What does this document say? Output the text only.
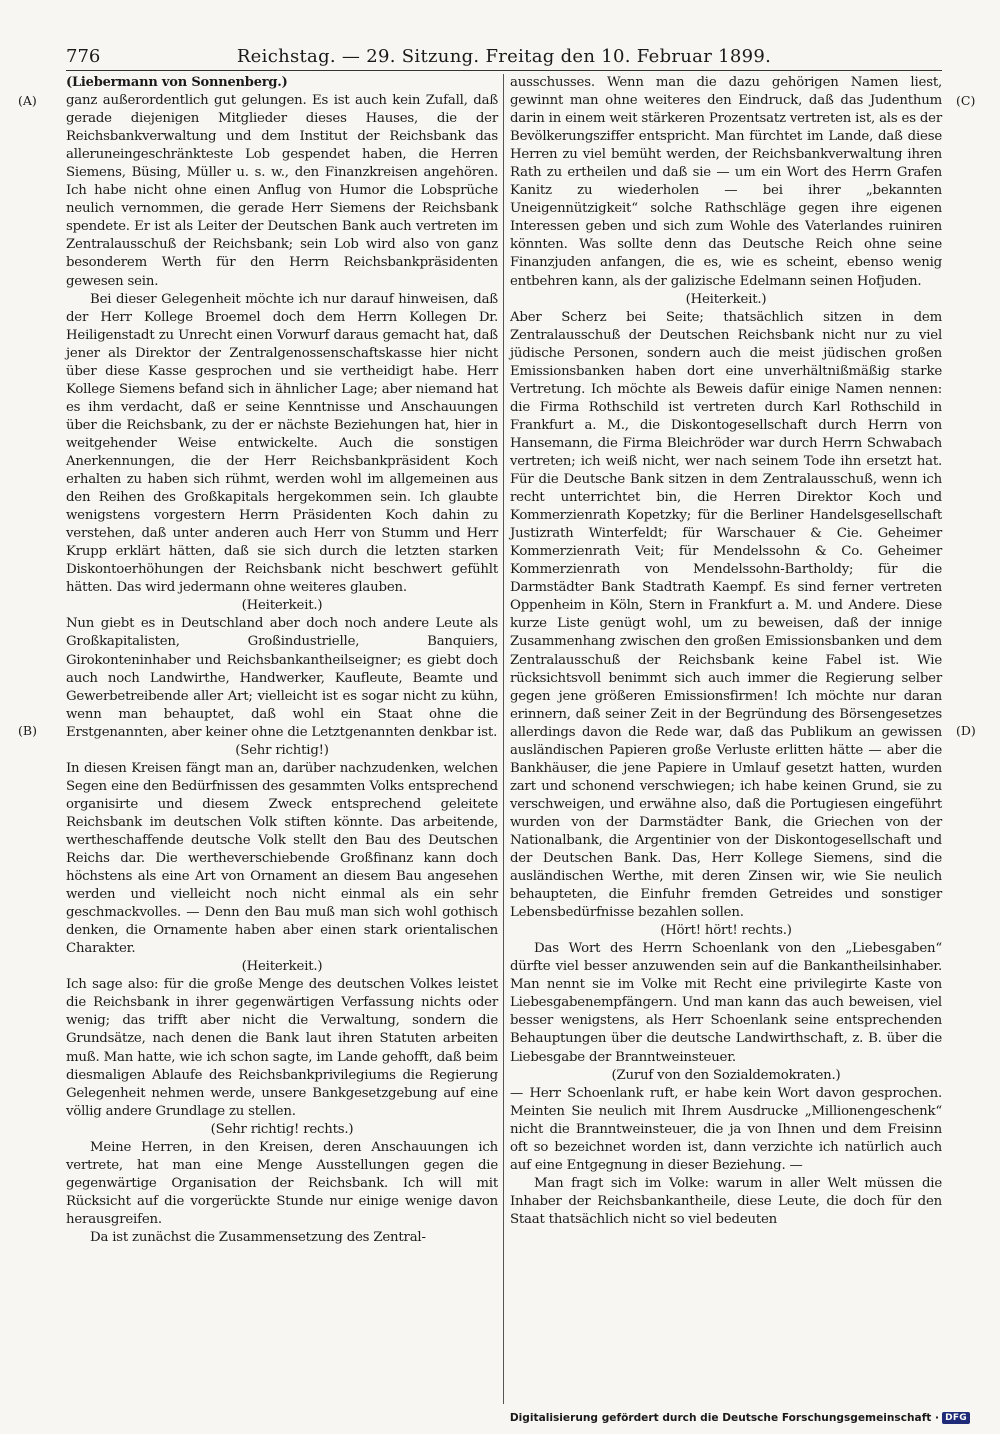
776	Reichstag. — 29. Sitzung. Freitag den 10. Februar 1899.
(A)
(B)
(C)
(D)

(Liebermann von Sonnenberg.)

ganz außerordentlich gut gelungen. Es ist auch kein Zufall, daß gerade diejenigen Mitglieder dieses Hauses, die der Reichsbankverwaltung und dem Institut der Reichsbank das alleruneingeschränkteste Lob gespendet haben, die Herren Siemens, Büsing, Müller u. s. w., den Finanzkreisen angehören. Ich habe nicht ohne einen Anflug von Humor die Lobsprüche neulich vernommen, die gerade Herr Siemens der Reichsbank spendete. Er ist als Leiter der Deutschen Bank auch vertreten im Zentralausschuß der Reichsbank; sein Lob wird also von ganz besonderem Werth für den Herrn Reichsbankpräsidenten gewesen sein.

Bei dieser Gelegenheit möchte ich nur darauf hinweisen, daß der Herr Kollege Broemel doch dem Herrn Kollegen Dr. Heiligenstadt zu Unrecht einen Vorwurf daraus gemacht hat, daß jener als Direktor der Zentralgenossenschaftskasse hier nicht über diese Kasse gesprochen und sie vertheidigt habe. Herr Kollege Siemens befand sich in ähnlicher Lage; aber niemand hat es ihm verdacht, daß er seine Kenntnisse und Anschauungen über die Reichsbank, zu der er nächste Beziehungen hat, hier in weitgehender Weise entwickelte. Auch die sonstigen Anerkennungen, die der Herr Reichsbankpräsident Koch erhalten zu haben sich rühmt, werden wohl im allgemeinen aus den Reihen des Großkapitals hergekommen sein. Ich glaubte wenigstens vorgestern Herrn Präsidenten Koch dahin zu verstehen, daß unter anderen auch Herr von Stumm und Herr Krupp erklärt hätten, daß sie sich durch die letzten starken Diskontoerhöhungen der Reichsbank nicht beschwert gefühlt hätten. Das wird jedermann ohne weiteres glauben.

(Heiterkeit.)

Nun giebt es in Deutschland aber doch noch andere Leute als Großkapitalisten, Großindustrielle, Banquiers, Girokonteninhaber und Reichsbankantheilseigner; es giebt doch auch noch Landwirthe, Handwerker, Kaufleute, Beamte und Gewerbetreibende aller Art; vielleicht ist es sogar nicht zu kühn, wenn man behauptet, daß wohl ein Staat ohne die Erstgenannten, aber keiner ohne die Letztgenannten denkbar ist.

(Sehr richtig!)

In diesen Kreisen fängt man an, darüber nachzudenken, welchen Segen eine den Bedürfnissen des gesammten Volks entsprechend organisirte und diesem Zweck entsprechend geleitete Reichsbank im deutschen Volk stiften könnte. Das arbeitende, wertheschaffende deutsche Volk stellt den Bau des Deutschen Reichs dar. Die wertheverschiebende Großfinanz kann doch höchstens als eine Art von Ornament an diesem Bau angesehen werden und vielleicht noch nicht einmal als ein sehr geschmackvolles. — Denn den Bau muß man sich wohl gothisch denken, die Ornamente haben aber einen stark orientalischen Charakter.

(Heiterkeit.)

Ich sage also: für die große Menge des deutschen Volkes leistet die Reichsbank in ihrer gegenwärtigen Verfassung nichts oder wenig; das trifft aber nicht die Verwaltung, sondern die Grundsätze, nach denen die Bank laut ihren Statuten arbeiten muß. Man hatte, wie ich schon sagte, im Lande gehofft, daß beim diesmaligen Ablaufe des Reichsbankprivilegiums die Regierung Gelegenheit nehmen werde, unsere Bankgesetzgebung auf eine völlig andere Grundlage zu stellen.

(Sehr richtig! rechts.)

Meine Herren, in den Kreisen, deren Anschauungen ich vertrete, hat man eine Menge Ausstellungen gegen die gegenwärtige Organisation der Reichsbank. Ich will mit Rücksicht auf die vorgerückte Stunde nur einige wenige davon herausgreifen.

Da ist zunächst die Zusammensetzung des Zentral-

ausschusses. Wenn man die dazu gehörigen Namen liest, gewinnt man ohne weiteres den Eindruck, daß das Judenthum darin in einem weit stärkeren Prozentsatz vertreten ist, als es der Bevölkerungsziffer entspricht. Man fürchtet im Lande, daß diese Herren zu viel bemüht werden, der Reichsbankverwaltung ihren Rath zu ertheilen und daß sie — um ein Wort des Herrn Grafen Kanitz zu wiederholen — bei ihrer „bekannten Uneigennützigkeit“ solche Rathschläge gegen ihre eigenen Interessen geben und sich zum Wohle des Vaterlandes ruiniren könnten. Was sollte denn das Deutsche Reich ohne seine Finanzjuden anfangen, die es, wie es scheint, ebenso wenig entbehren kann, als der galizische Edelmann seinen Hofjuden.

(Heiterkeit.)

Aber Scherz bei Seite; thatsächlich sitzen in dem Zentralausschuß der Deutschen Reichsbank nicht nur zu viel jüdische Personen, sondern auch die meist jüdischen großen Emissionsbanken haben dort eine unverhältnißmäßig starke Vertretung. Ich möchte als Beweis dafür einige Namen nennen: die Firma Rothschild ist vertreten durch Karl Rothschild in Frankfurt a. M., die Diskontogesellschaft durch Herrn von Hansemann, die Firma Bleichröder war durch Herrn Schwabach vertreten; ich weiß nicht, wer nach seinem Tode ihn ersetzt hat. Für die Deutsche Bank sitzen in dem Zentralausschuß, wenn ich recht unterrichtet bin, die Herren Direktor Koch und Kommerzienrath Kopetzky; für die Berliner Handelsgesellschaft Justizrath Winterfeldt; für Warschauer & Cie. Geheimer Kommerzienrath Veit; für Mendelssohn & Co. Geheimer Kommerzienrath von Mendelssohn-Bartholdy; für die Darmstädter Bank Stadtrath Kaempf. Es sind ferner vertreten Oppenheim in Köln, Stern in Frankfurt a. M. und Andere. Diese kurze Liste genügt wohl, um zu beweisen, daß der innige Zusammenhang zwischen den großen Emissionsbanken und dem Zentralausschuß der Reichsbank keine Fabel ist. Wie rücksichtsvoll benimmt sich auch immer die Regierung selber gegen jene größeren Emissionsfirmen! Ich möchte nur daran erinnern, daß seiner Zeit in der Begründung des Börsengesetzes allerdings davon die Rede war, daß das Publikum an gewissen ausländischen Papieren große Verluste erlitten hätte — aber die Bankhäuser, die jene Papiere in Umlauf gesetzt hatten, wurden zart und schonend verschwiegen; ich habe keinen Grund, sie zu verschweigen, und erwähne also, daß die Portugiesen eingeführt wurden von der Darmstädter Bank, die Griechen von der Nationalbank, die Argentinier von der Diskontogesellschaft und der Deutschen Bank. Das, Herr Kollege Siemens, sind die ausländischen Werthe, mit deren Zinsen wir, wie Sie neulich behaupteten, die Einfuhr fremden Getreides und sonstiger Lebensbedürfnisse bezahlen sollen.

(Hört! hört! rechts.)

Das Wort des Herrn Schoenlank von den „Liebesgaben“ dürfte viel besser anzuwenden sein auf die Bankantheilsinhaber. Man nennt sie im Volke mit Recht eine privilegirte Kaste von Liebesgabenempfängern. Und man kann das auch beweisen, viel besser wenigstens, als Herr Schoenlank seine entsprechenden Behauptungen über die deutsche Landwirthschaft, z. B. über die Liebesgabe der Branntweinsteuer.

(Zuruf von den Sozialdemokraten.)

— Herr Schoenlank ruft, er habe kein Wort davon gesprochen. Meinten Sie neulich mit Ihrem Ausdrucke „Millionengeschenk“ nicht die Branntweinsteuer, die ja von Ihnen und dem Freisinn oft so bezeichnet worden ist, dann verzichte ich natürlich auch auf eine Entgegnung in dieser Beziehung. —

Man fragt sich im Volke: warum in aller Welt müssen die Inhaber der Reichsbankantheile, diese Leute, die doch für den Staat thatsächlich nicht so viel bedeuten

Digitalisierung gefördert durch die Deutsche Forschungsgemeinschaft · DFG
